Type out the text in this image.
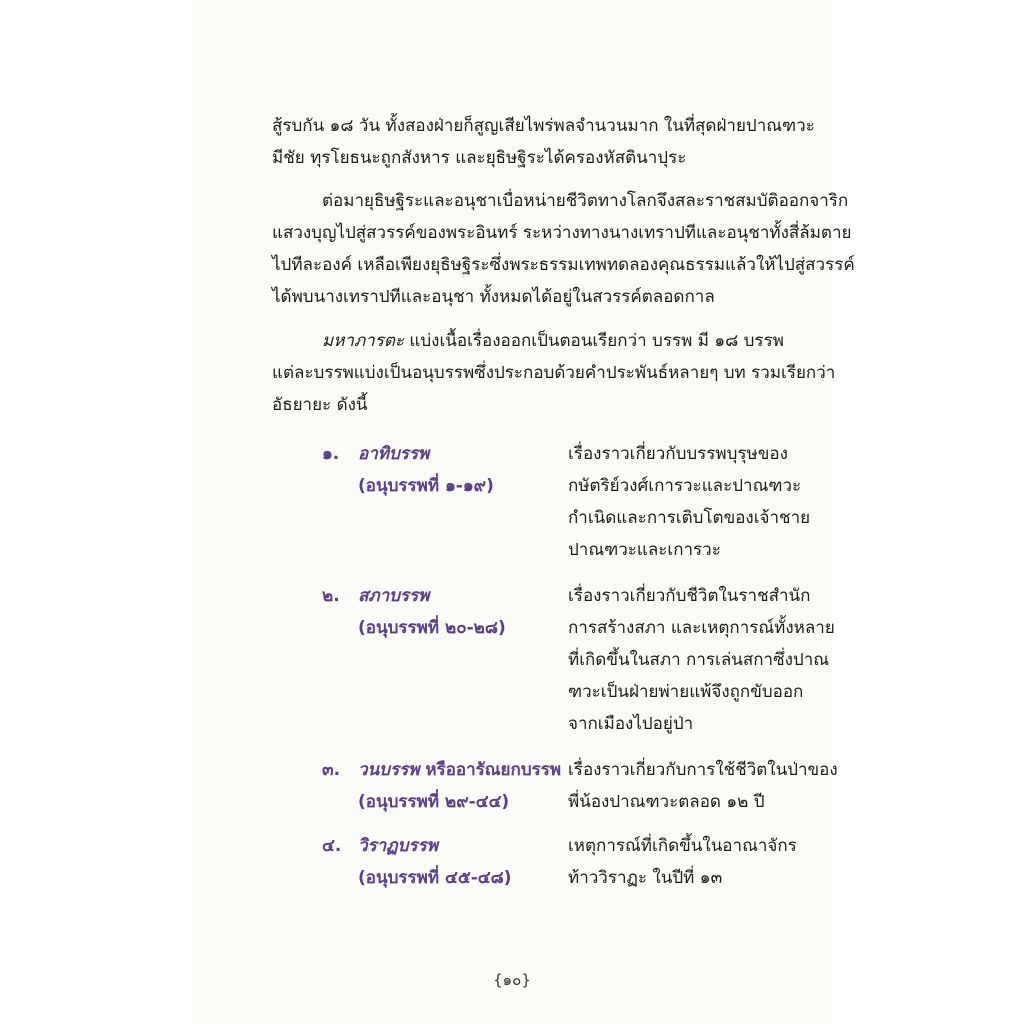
สู้รบกัน ๑๘ วัน ทั้งสองฝ่ายก็สูญเสียไพร่พลจำนวนมาก ในที่สุดฝ่ายปาณฑวะ
มีชัย ทุรโยธนะถูกสังหาร และยุธิษฐิระได้ครองหัสตินาปุระ

ต่อมายุธิษฐิระและอนุชาเบื่อหน่ายชีวิตทางโลกจึงสละราชสมบัติออกจาริก
แสวงบุญไปสู่สวรรค์ของพระอินทร์ ระหว่างทางนางเทราปทีและอนุชาทั้งสี่ล้มตาย
ไปทีละองค์ เหลือเพียงยุธิษฐิระซึ่งพระธรรมเทพทดลองคุณธรรมแล้วให้ไปสู่สวรรค์
ได้พบนางเทราปทีและอนุชา ทั้งหมดได้อยู่ในสวรรค์ตลอดกาล

มหาภารตะ แบ่งเนื้อเรื่องออกเป็นตอนเรียกว่า บรรพ มี ๑๘ บรรพ
แต่ละบรรพแบ่งเป็นอนุบรรพซึ่งประกอบด้วยคำประพันธ์หลายๆ บท รวมเรียกว่า
อัธยายะ ดังนี้

๑. อาทิบรรพ
(อนุบรรพที่ ๑-๑๙)
เรื่องราวเกี่ยวกับบรรพบุรุษของ
กษัตริย์วงศ์เการวะและปาณฑวะ
กำเนิดและการเติบโตของเจ้าชาย
ปาณฑวะและเการวะ
๒. สภาบรรพ
(อนุบรรพที่ ๒๐-๒๘)
เรื่องราวเกี่ยวกับชีวิตในราชสำนัก
การสร้างสภา และเหตุการณ์ทั้งหลาย
ที่เกิดขึ้นในสภา การเล่นสกาซึ่งปาณ
ฑวะเป็นฝ่ายพ่ายแพ้จึงถูกขับออก
จากเมืองไปอยู่ป่า
๓. วนบรรพ หรืออารัณยกบรรพ
(อนุบรรพที่ ๒๙-๔๔)
เรื่องราวเกี่ยวกับการใช้ชีวิตในป่าของ
พี่น้องปาณฑวะตลอด ๑๒ ปี
๔. วิราฏบรรพ
(อนุบรรพที่ ๔๕-๔๘)
เหตุการณ์ที่เกิดขึ้นในอาณาจักร
ท้าววิราฏะ ในปีที่ ๑๓
{๑๐}
